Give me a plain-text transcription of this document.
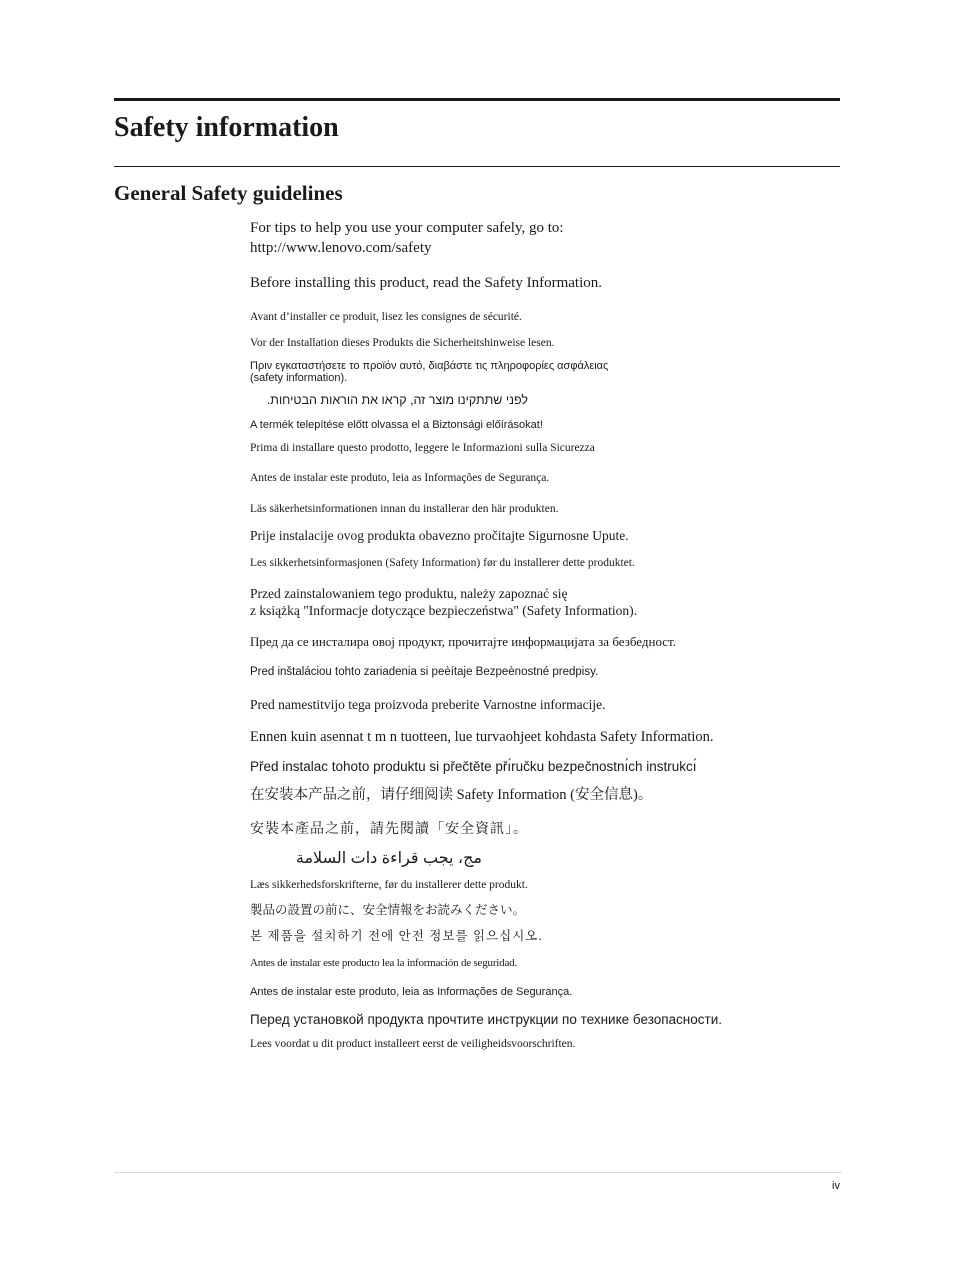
Safety information
General Safety guidelines
For tips to help you use your computer safely, go to:
http://www.lenovo.com/safety
Before installing this product, read the Safety Information.
Avant d’installer ce produit, lisez les consignes de sécurité.
Vor der Installation dieses Produkts die Sicherheitshinweise lesen.
Πριν εγκαταστήσετε το προϊόν αυτό, διαβάστε τις πληροφορίες ασφάλειας
(safety information).
לפני שתתקינו מוצר זה, קראו את הוראות הבטיחות.
A termék telepítése előtt olvassa el a Biztonsági előírásokat!
Prima di installare questo prodotto, leggere le Informazioni sulla Sicurezza
Antes de instalar este produto, leia as Informações de Segurança.
Läs säkerhetsinformationen innan du installerar den här produkten.
Prije instalacije ovog produkta obavezno pročitajte Sigurnosne Upute.
Les sikkerhetsinformasjonen (Safety Information) før du installerer dette produktet.
Przed zainstalowaniem tego produktu, należy zapoznać się
z książką "Informacje dotyczące bezpieczeństwa" (Safety Information).
Пред да се инсталира овој продукт, прочитајте информацијата за безбедност.
Pred inštaláciou tohto zariadenia si peèítaje Bezpeènostné predpisy.
Pred namestitvijo tega proizvoda preberite Varnostne informacije.
Ennen kuin asennat t m n tuotteen, lue turvaohjeet kohdasta Safety Information.
Před instalac tohoto produktu si přečtěte přı́ručku bezpečnostnı́ch instrukcı́
在安装本产品之前，请仔细阅读 Safety Information (安全信息)。
安裝本產品之前，請先閱讀「安全資訊」。
مج، يجب قراءة دات السلامة
Læs sikkerhedsforskrifterne, før du installerer dette produkt.
製品の設置の前に、安全情報をお読みください。
본 제품을 설치하기 전에 안전 정보를 읽으십시오.
Antes de instalar este producto lea la información de seguridad.
Antes de instalar este produto, leia as Informações de Segurança.
Перед установкой продукта прочтите инструкции по технике безопасности.
Lees voordat u dit product installeert eerst de veiligheidsvoorschriften.
iv
